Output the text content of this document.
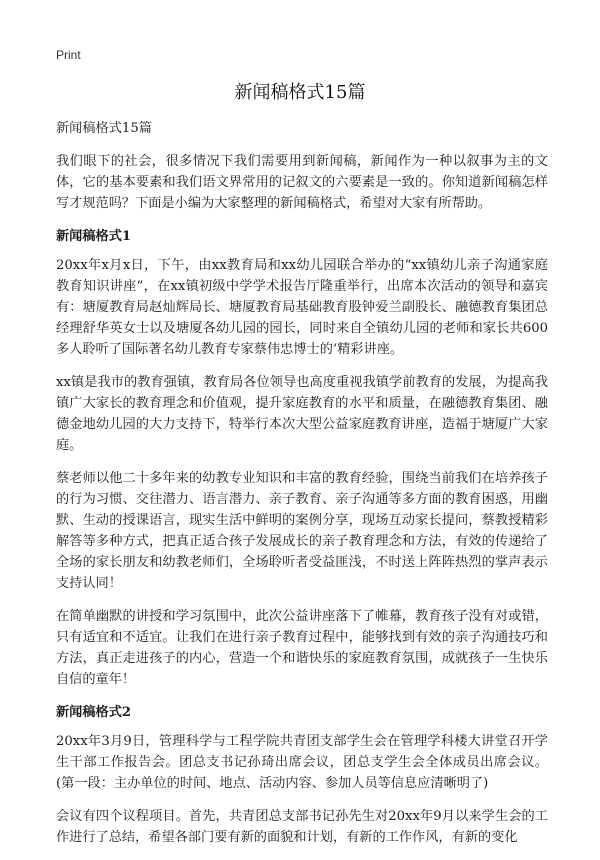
Print
新闻稿格式15篇

新闻稿格式15篇

我们眼下的社会，很多情况下我们需要用到新闻稿，新闻作为一种以叙事为主的文体，它的基本要素和我们语文界常用的记叙文的六要素是一致的。你知道新闻稿怎样写才规范吗？下面是小编为大家整理的新闻稿格式，希望对大家有所帮助。

新闻稿格式1

20xx年x月x日，下午，由xx教育局和xx幼儿园联合举办的“xx镇幼儿亲子沟通家庭教育知识讲座”，在xx镇初级中学学术报告厅隆重举行，出席本次活动的领导和嘉宾有：塘厦教育局赵灿辉局长、塘厦教育局基础教育股钟爱兰副股长、融德教育集团总经理舒华英女士以及塘厦各幼儿园的园长，同时来自全镇幼儿园的老师和家长共600多人聆听了国际著名幼儿教育专家蔡伟忠博士的‘精彩讲座。

xx镇是我市的教育强镇，教育局各位领导也高度重视我镇学前教育的发展，为提高我镇广大家长的教育理念和价值观，提升家庭教育的水平和质量，在融德教育集团、融德金地幼儿园的大力支持下，特举行本次大型公益家庭教育讲座，造福于塘厦广大家庭。

蔡老师以他二十多年来的幼教专业知识和丰富的教育经验，围绕当前我们在培养孩子的行为习惯、交往潜力、语言潜力、亲子教育、亲子沟通等多方面的教育困惑，用幽默、生动的授课语言，现实生活中鲜明的案例分享，现场互动家长提问，蔡教授精彩解答等多种方式，把真正适合孩子发展成长的亲子教育理念和方法，有效的传递给了全场的家长朋友和幼教老师们，全场聆听者受益匪浅，不时送上阵阵热烈的掌声表示支持认同！

在简单幽默的讲授和学习氛围中，此次公益讲座落下了帷幕，教育孩子没有对或错，只有适宜和不适宜。让我们在进行亲子教育过程中，能够找到有效的亲子沟通技巧和方法，真正走进孩子的内心，营造一个和谐快乐的家庭教育氛围，成就孩子一生快乐自信的童年！

新闻稿格式2

20xx年3月9日，管理科学与工程学院共青团支部学生会在管理学科楼大讲堂召开学生干部工作报告会。团总支书记孙琦出席会议，团总支学生会全体成员出席会议。(第一段：主办单位的时间、地点、活动内容、参加人员等信息应清晰明了)

会议有四个议程项目。首先，共青团总支部书记孙先生对20xx年9月以来学生会的工作进行了总结，希望各部门要有新的面貌和计划，有新的工作作风，有新的变化
